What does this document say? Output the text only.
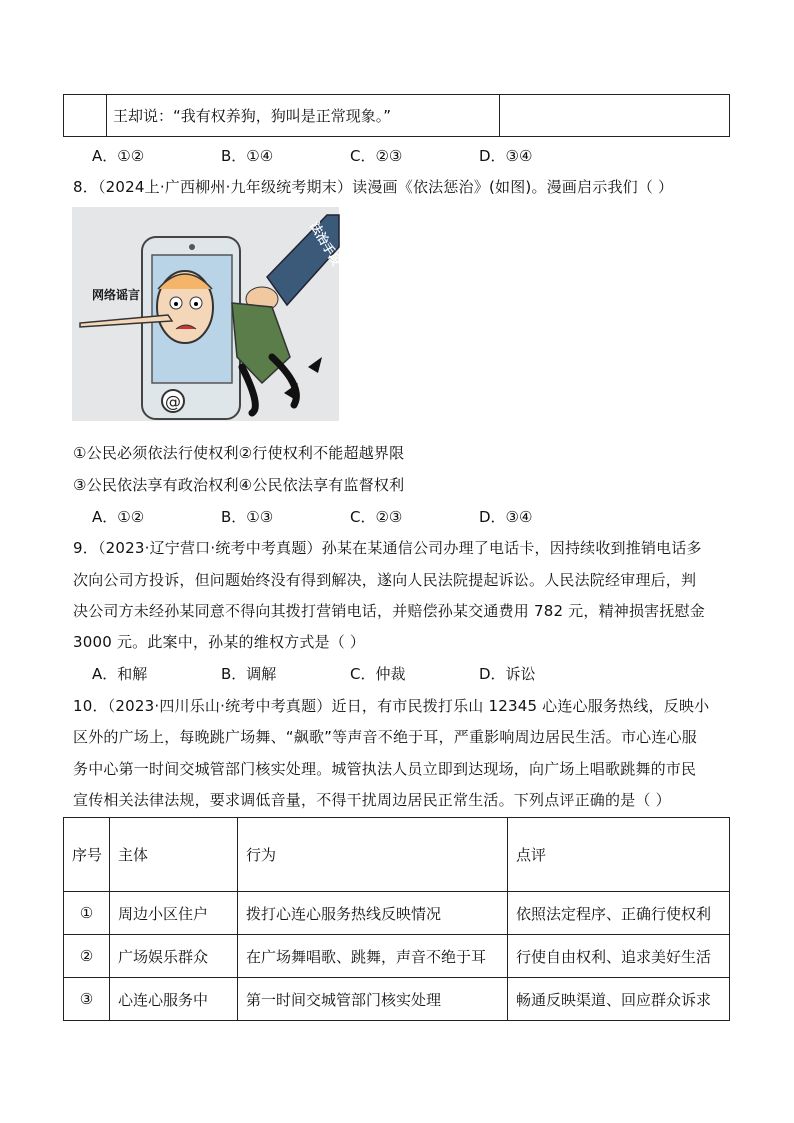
	王却说：“我有权养狗，狗叫是正常现象。”	
A．①②	B．①④	C．②③	D．③④
8．（2024上·广西柳州·九年级统考期末）读漫画《依法惩治》(如图)。漫画启示我们（ ）
@
网络谣言
法治手段
①公民必须依法行使权利②行使权利不能超越界限
③公民依法享有政治权利④公民依法享有监督权利
A．①②	B．①③	C．②③	D．③④
9．（2023·辽宁营口·统考中考真题）孙某在某通信公司办理了电话卡，因持续收到推销电话多
次向公司方投诉，但问题始终没有得到解决，遂向人民法院提起诉讼。人民法院经审理后，判
决公司方未经孙某同意不得向其拨打营销电话，并赔偿孙某交通费用 782 元，精神损害抚慰金
3000 元。此案中，孙某的维权方式是（ ）
A．和解	B．调解	C．仲裁	D．诉讼
10．（2023·四川乐山·统考中考真题）近日，有市民拨打乐山 12345 心连心服务热线，反映小
区外的广场上，每晚跳广场舞、“飙歌”等声音不绝于耳，严重影响周边居民生活。市心连心服
务中心第一时间交城管部门核实处理。城管执法人员立即到达现场，向广场上唱歌跳舞的市民
宣传相关法律法规，要求调低音量，不得干扰周边居民正常生活。下列点评正确的是（ ）
序号	主体	行为	点评
①	周边小区住户	拨打心连心服务热线反映情况	依照法定程序、正确行使权利
②	广场娱乐群众	在广场舞唱歌、跳舞，声音不绝于耳	行使自由权利、追求美好生活
③	心连心服务中	第一时间交城管部门核实处理	畅通反映渠道、回应群众诉求
